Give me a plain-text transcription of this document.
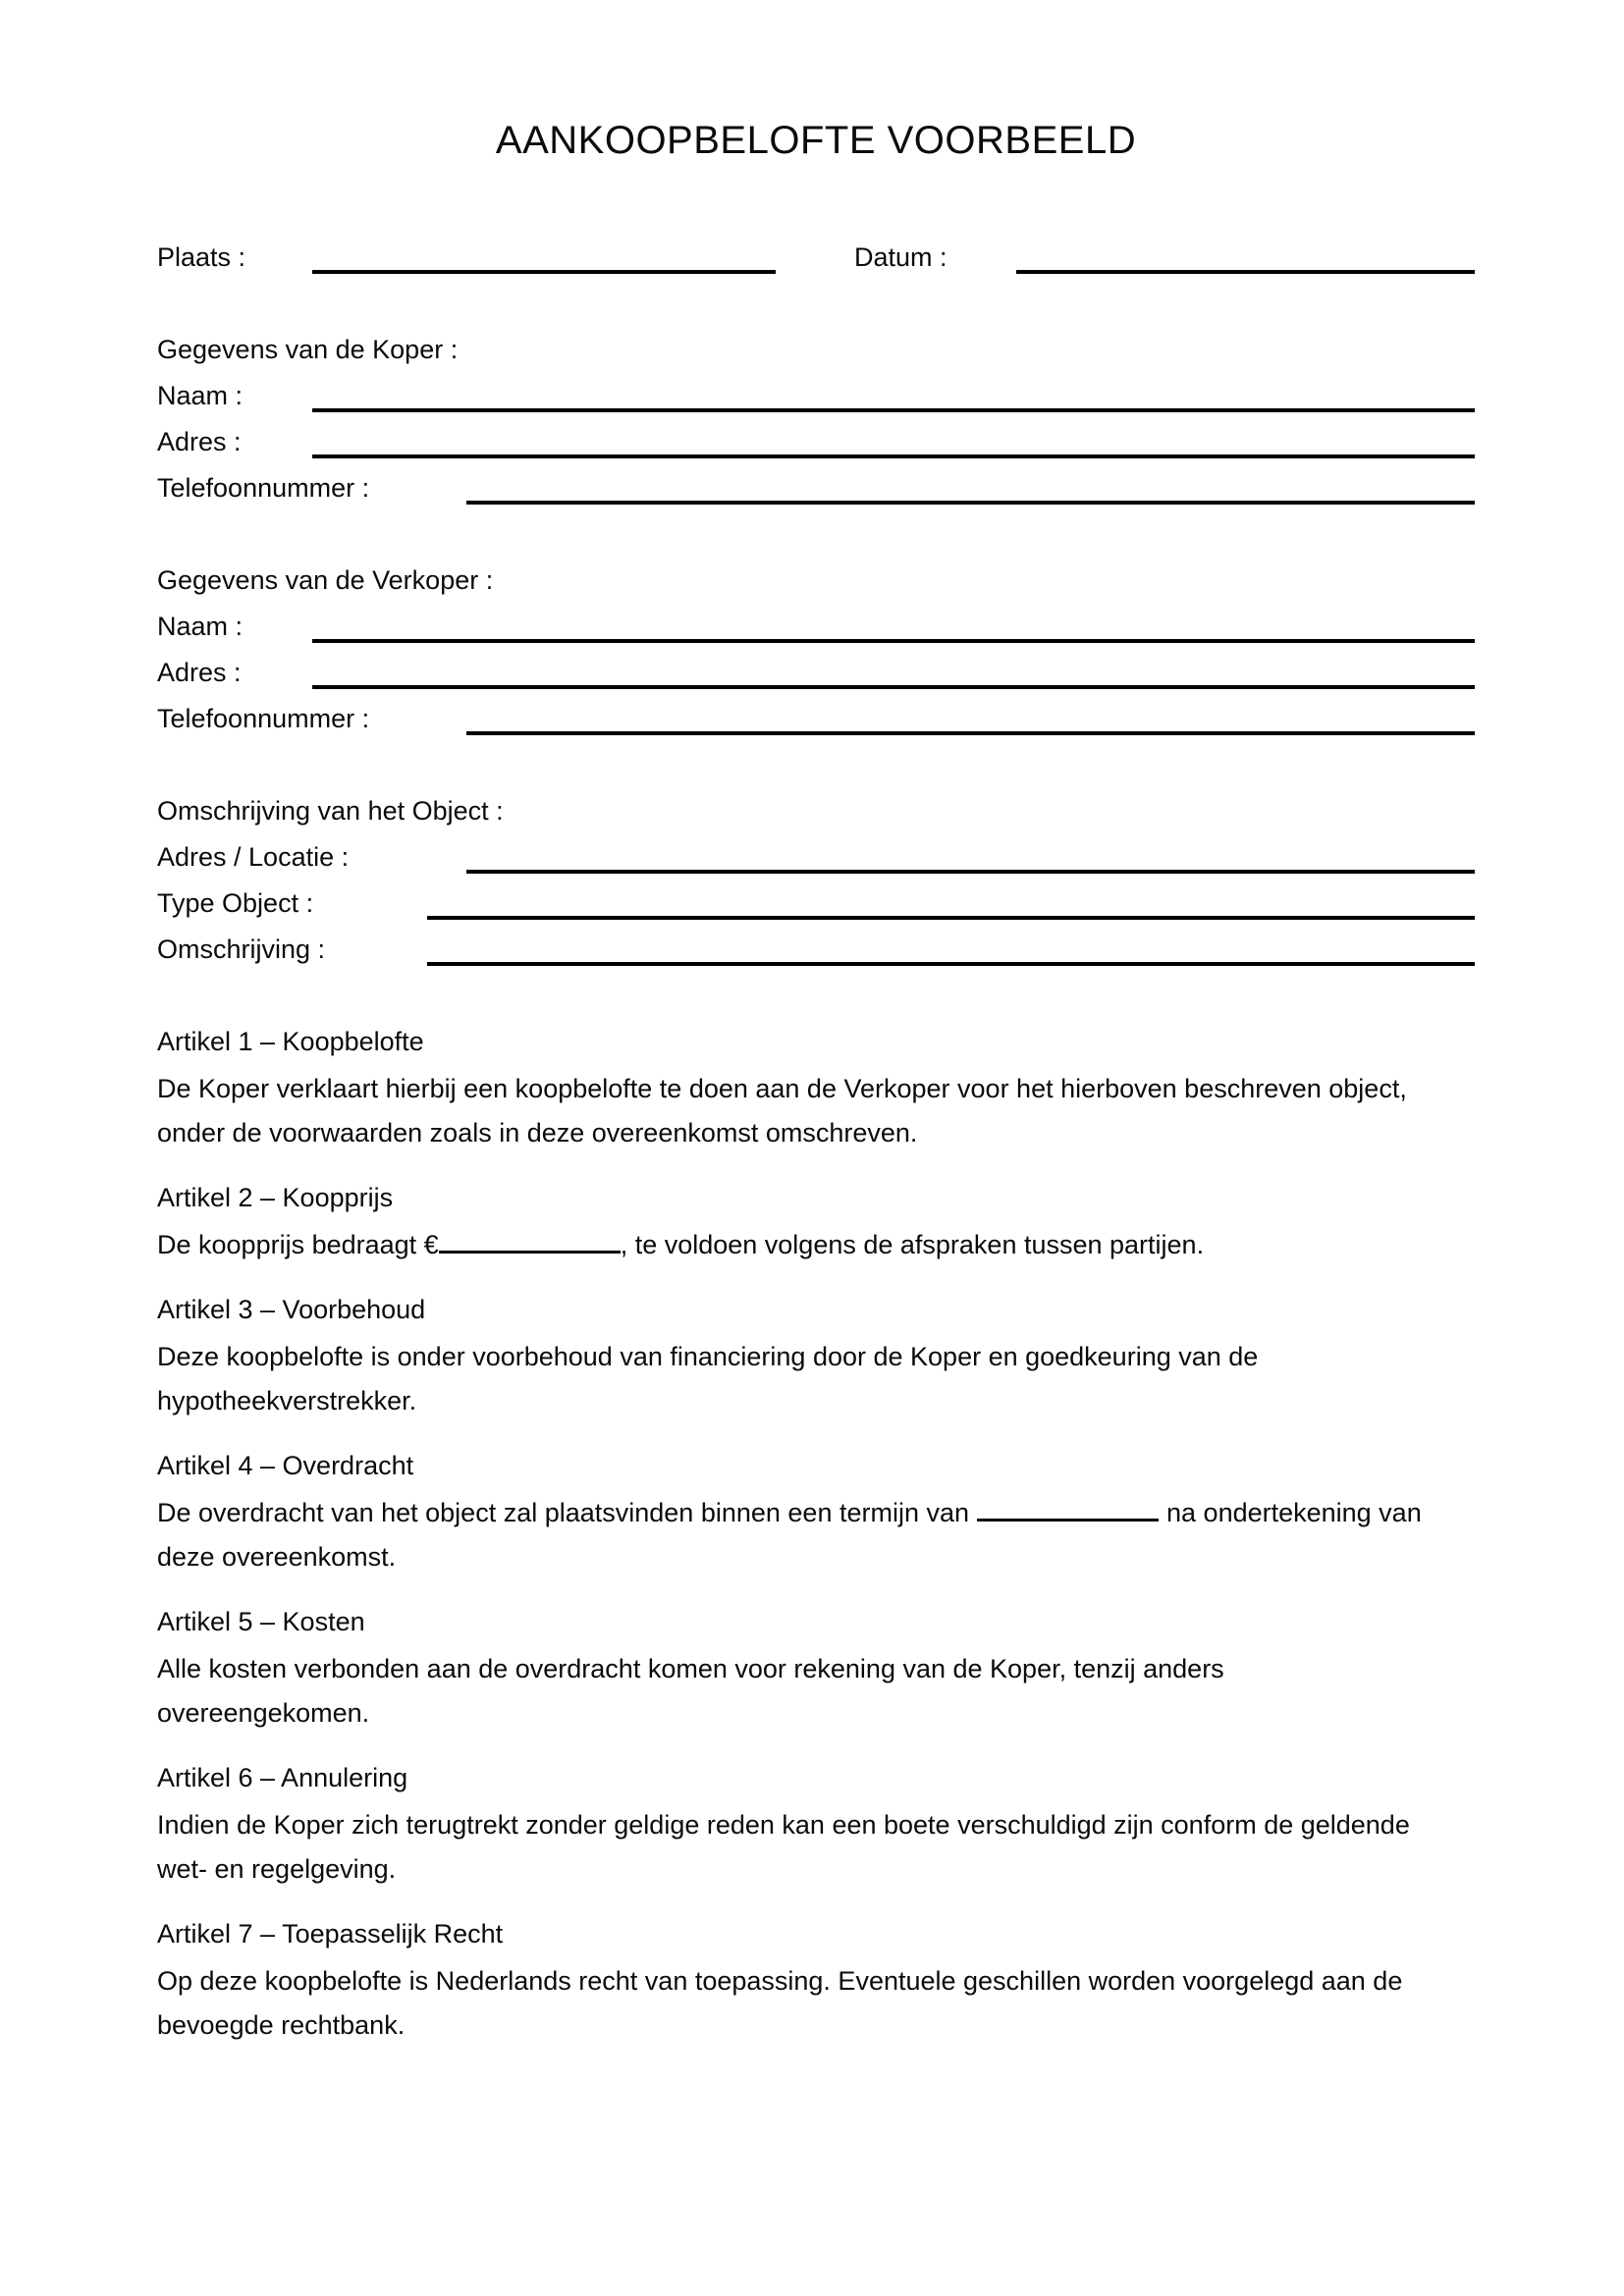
AANKOOPBELOFTE VOORBEELD
Plaats :	Datum :
Gegevens van de Koper :
Naam :
Adres :
Telefoonnummer :
Gegevens van de Verkoper :
Naam :
Adres :
Telefoonnummer :
Omschrijving van het Object :
Adres / Locatie :
Type Object :
Omschrijving :
Artikel 1 – Koopbelofte
De Koper verklaart hierbij een koopbelofte te doen aan de Verkoper voor het hierboven beschreven object,
onder de voorwaarden zoals in deze overeenkomst omschreven.
Artikel 2 – Koopprijs
De koopprijs bedraagt €	, te voldoen volgens de afspraken tussen partijen.
Artikel 3 – Voorbehoud
Deze koopbelofte is onder voorbehoud van financiering door de Koper en goedkeuring van de
hypotheekverstrekker.
Artikel 4 – Overdracht
De overdracht van het object zal plaatsvinden binnen een termijn van	na ondertekening van
deze overeenkomst.
Artikel 5 – Kosten
Alle kosten verbonden aan de overdracht komen voor rekening van de Koper, tenzij anders
overeengekomen.
Artikel 6 – Annulering
Indien de Koper zich terugtrekt zonder geldige reden kan een boete verschuldigd zijn conform de geldende
wet- en regelgeving.
Artikel 7 – Toepasselijk Recht
Op deze koopbelofte is Nederlands recht van toepassing. Eventuele geschillen worden voorgelegd aan de
bevoegde rechtbank.
